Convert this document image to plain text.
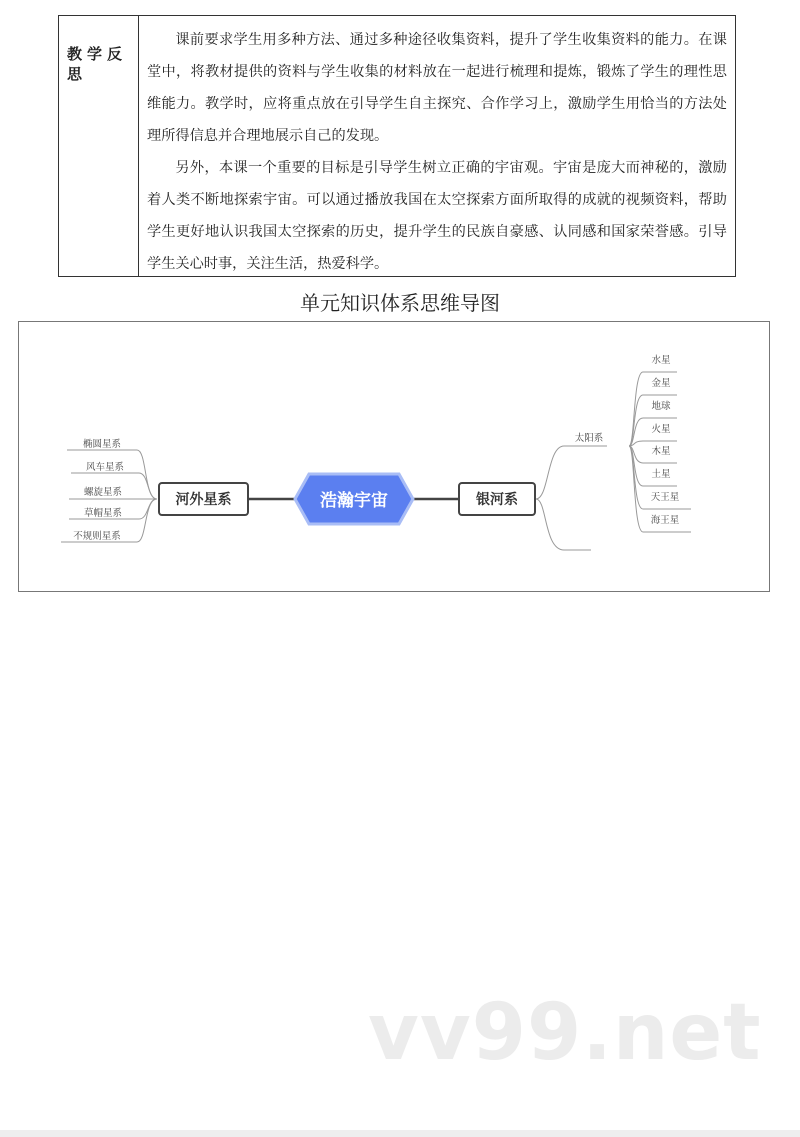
教学反思

课前要求学生用多种方法、通过多种途径收集资料，提升了学生收集资料的能力。在课堂中，将教材提供的资料与学生收集的材料放在一起进行梳理和提炼，锻炼了学生的理性思维能力。教学时，应将重点放在引导学生自主探究、合作学习上，激励学生用恰当的方法处理所得信息并合理地展示自己的发现。

另外，本课一个重要的目标是引导学生树立正确的宇宙观。宇宙是庞大而神秘的，激励着人类不断地探索宇宙。可以通过播放我国在太空探索方面所取得的成就的视频资料，帮助学生更好地认识我国太空探索的历史，提升学生的民族自豪感、认同感和国家荣誉感。引导学生关心时事，关注生活，热爱科学。

单元知识体系思维导图
椭圆星系
风车星系
螺旋星系
草帽星系
不规则星系
太阳系
水星
金星
地球
火星
木星
土星
天王星
海王星
河外星系	浩瀚宇宙	银河系
vv99.net
